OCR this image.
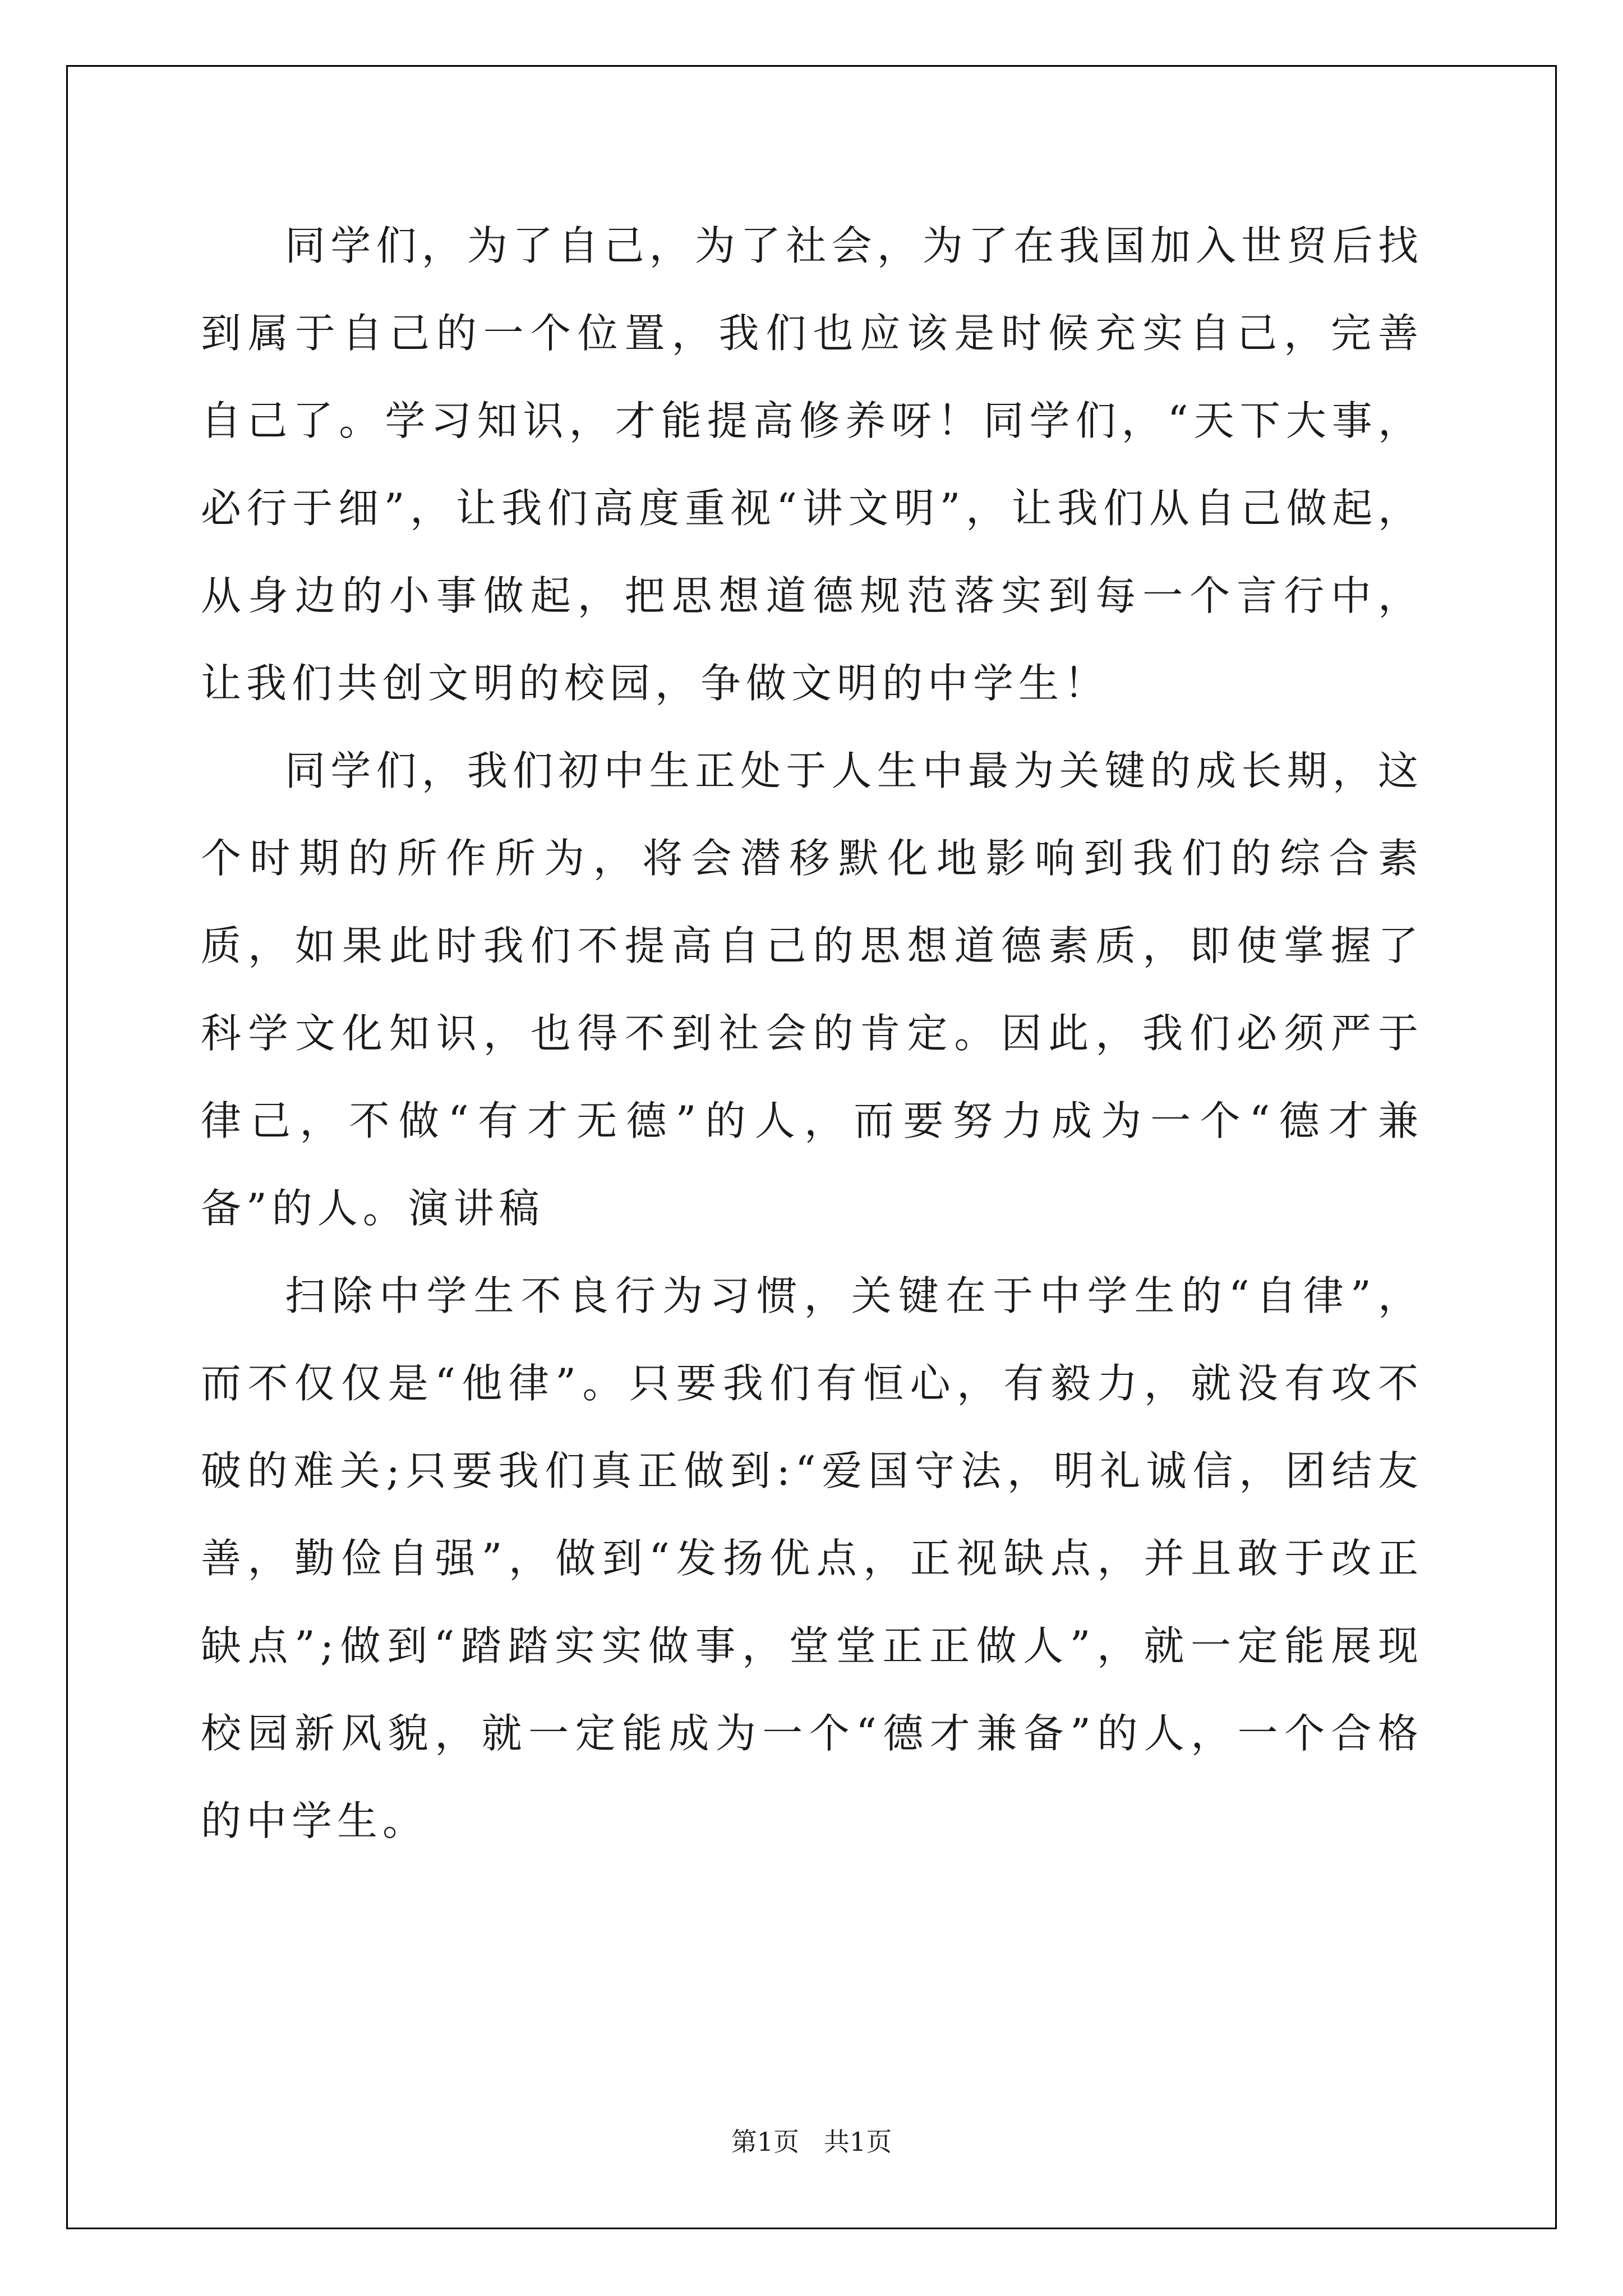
同学们，为了自己，为了社会，为了在我国加入世贸后找到属于自己的一个位置，我们也应该是时候充实自己，完善自己了。学习知识，才能提高修养呀！同学们，“天下大事，必行于细”，让我们高度重视“讲文明”，让我们从自己做起，从身边的小事做起，把思想道德规范落实到每一个言行中，让我们共创文明的校园，争做文明的中学生！

同学们，我们初中生正处于人生中最为关键的成长期，这个时期的所作所为，将会潜移默化地影响到我们的综合素质，如果此时我们不提高自己的思想道德素质，即使掌握了科学文化知识，也得不到社会的肯定。因此，我们必须严于律己，不做“有才无德”的人，而要努力成为一个“德才兼备”的人。演讲稿

扫除中学生不良行为习惯，关键在于中学生的“自律”，而不仅仅是“他律”。只要我们有恒心，有毅力，就没有攻不破的难关;只要我们真正做到:“爱国守法，明礼诚信，团结友善，勤俭自强”，做到“发扬优点，正视缺点，并且敢于改正缺点”;做到“踏踏实实做事，堂堂正正做人”，就一定能展现校园新风貌，就一定能成为一个“德才兼备”的人，一个合格的中学生。

第1页   共1页
